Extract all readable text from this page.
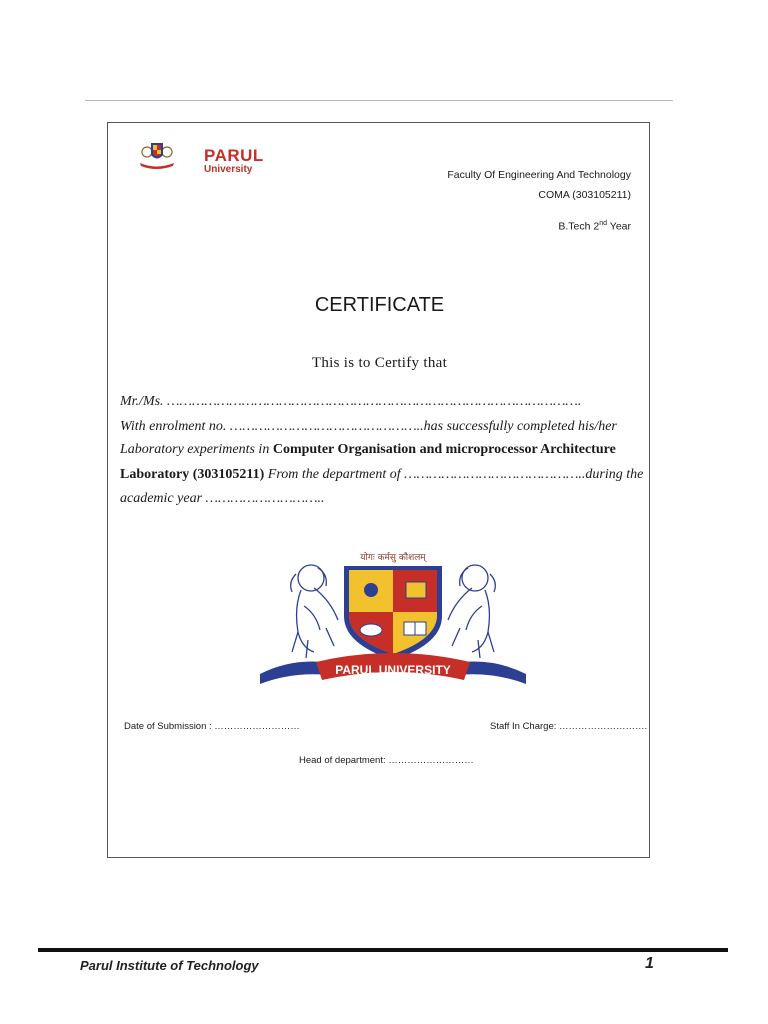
PARUL
University	Faculty Of Engineering And Technology
COMA (303105211)
B.Tech 2nd Year
CERTIFICATE
This is to Certify that
Mr./Ms. ……………………………………………………………………………………….
With enrolment no. ………………………………………..has successfully completed his/her
Laboratory experiments in Computer Organisation and microprocessor Architecture
Laboratory (303105211) From the department of ……………………………………..during the
academic year ………………………..
योगः कर्मसु कौशलम्
PARUL UNIVERSITY
Date of Submission : ………………………	Staff In Charge: ……………………….
Head of department: ………………………
Parul Institute of Technology	1
